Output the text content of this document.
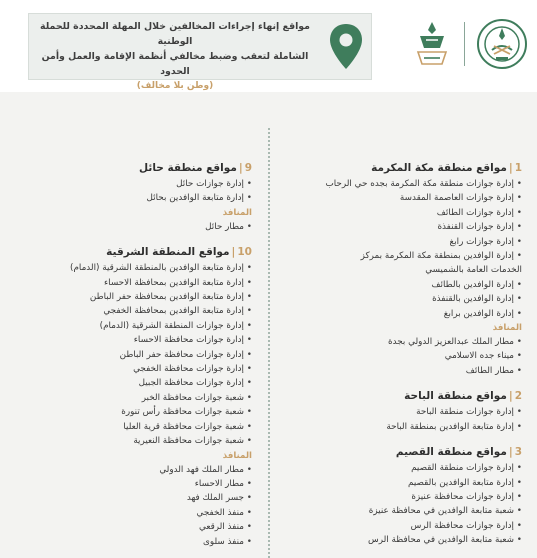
مواقع إنهاء إجراءات المخالفين خلال المهلة المحددة للحملة الوطنية
الشاملة لتعقب وضبط مخالفي أنظمة الإقامة والعمل وأمن الحدود
(وطن بلا مخالف)
1|مواقع منطقة مكة المكرمة
• إدارة جوازات منطقة مكة المكرمة بجده حي الرحاب
• إدارة جوازات العاصمة المقدسة
• إدارة جوازات الطائف
• إدارة جوازات القنفذة
• إدارة جوازات رابغ
• إدارة الوافدين بمنطقة مكة المكرمة بمركز
الخدمات العامة بالشميسي
• إدارة الوافدين بالطائف
• إدارة الوافدين بالقنفذة
• إدارة الوافدين برابغ
المنافذ
• مطار الملك عبدالعزيز الدولي بجدة
• ميناء جده الاسلامي
• مطار الطائف
2|مواقع منطقة الباحة
• إدارة جوازات منطقة الباحة
• إدارة متابعة الوافدين بمنطقة الباحة
3|مواقع منطقة القصيم
• إدارة جوازات منطقة القصيم
• إدارة متابعة الوافدين بالقصيم
• إدارة جوازات محافظة عنيزة
• شعبة متابعة الوافدين في محافظة عنيزة
• إدارة جوازات محافظة الرس
• شعبة متابعة الوافدين في محافظة الرس
9|مواقع منطقة حائل
• إدارة جوازات حائل
• إدارة متابعة الوافدين بحائل
المنافذ
• مطار حائل
10|مواقع المنطقة الشرقية
• إدارة متابعة الوافدين بالمنطقة الشرقية (الدمام)
• إدارة متابعة الوافدين بمحافظة الاحساء
• إدارة متابعة الوافدين بمحافظة حفر الباطن
• إدارة متابعة الوافدين بمحافظة الخفجي
• إدارة جوازات المنطقة الشرقية (الدمام)
• إدارة جوازات محافظة الاحساء
• إدارة جوازات محافظة حفر الباطن
• إدارة جوازات محافظة الخفجي
• إدارة جوازات محافظة الجبيل
• شعبة جوازات محافظة الخبر
• شعبة جوازات محافظة رأس تنورة
• شعبة جوازات محافظة قرية العليا
• شعبة جوازات محافظة النعيرية
المنافذ
• مطار الملك فهد الدولي
• مطار الاحساء
• جسر الملك فهد
• منفذ الخفجي
• منفذ الرقعي
• منفذ سلوى
